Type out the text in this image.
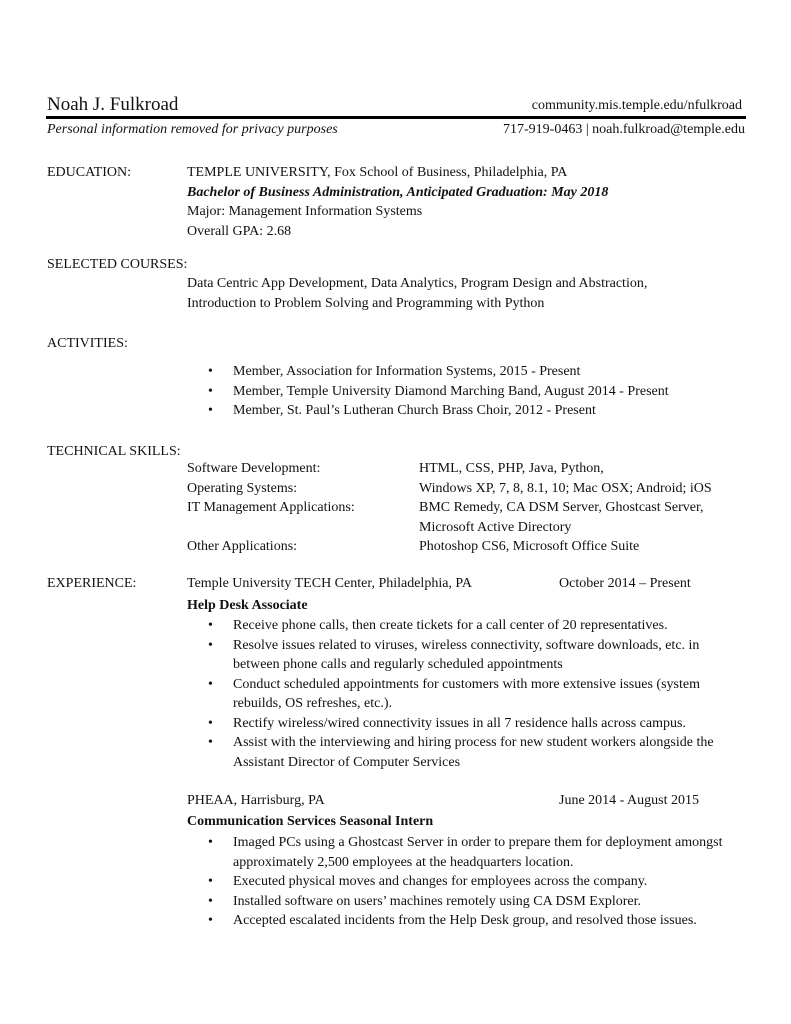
Noah J. Fulkroad	community.mis.temple.edu/nfulkroad
Personal information removed for privacy purposes	717-919-0463 | noah.fulkroad@temple.edu
EDUCATION:	TEMPLE UNIVERSITY, Fox School of Business, Philadelphia, PA
Bachelor of Business Administration, Anticipated Graduation: May 2018
Major: Management Information Systems
Overall GPA: 2.68
SELECTED COURSES:
Data Centric App Development, Data Analytics, Program Design and Abstraction,
Introduction to Problem Solving and Programming with Python
ACTIVITIES:
• Member, Association for Information Systems, 2015 - Present
• Member, Temple University Diamond Marching Band, August 2014 - Present
• Member, St. Paul’s Lutheran Church Brass Choir, 2012 - Present
TECHNICAL SKILLS:
Software Development:	HTML, CSS, PHP, Java, Python,
Operating Systems:	Windows XP, 7, 8, 8.1, 10; Mac OSX; Android; iOS
IT Management Applications:	BMC Remedy, CA DSM Server, Ghostcast Server, Microsoft Active Directory
Other Applications:	Photoshop CS6, Microsoft Office Suite
EXPERIENCE:	Temple University TECH Center, Philadelphia, PA	October 2014 – Present
Help Desk Associate
• Receive phone calls, then create tickets for a call center of 20 representatives.
• Resolve issues related to viruses, wireless connectivity, software downloads, etc. in between phone calls and regularly scheduled appointments
• Conduct scheduled appointments for customers with more extensive issues (system rebuilds, OS refreshes, etc.).
• Rectify wireless/wired connectivity issues in all 7 residence halls across campus.
• Assist with the interviewing and hiring process for new student workers alongside the Assistant Director of Computer Services
PHEAA, Harrisburg, PA	June 2014 - August 2015
Communication Services Seasonal Intern
• Imaged PCs using a Ghostcast Server in order to prepare them for deployment amongst approximately 2,500 employees at the headquarters location.
• Executed physical moves and changes for employees across the company.
• Installed software on users’ machines remotely using CA DSM Explorer.
• Accepted escalated incidents from the Help Desk group, and resolved those issues.
